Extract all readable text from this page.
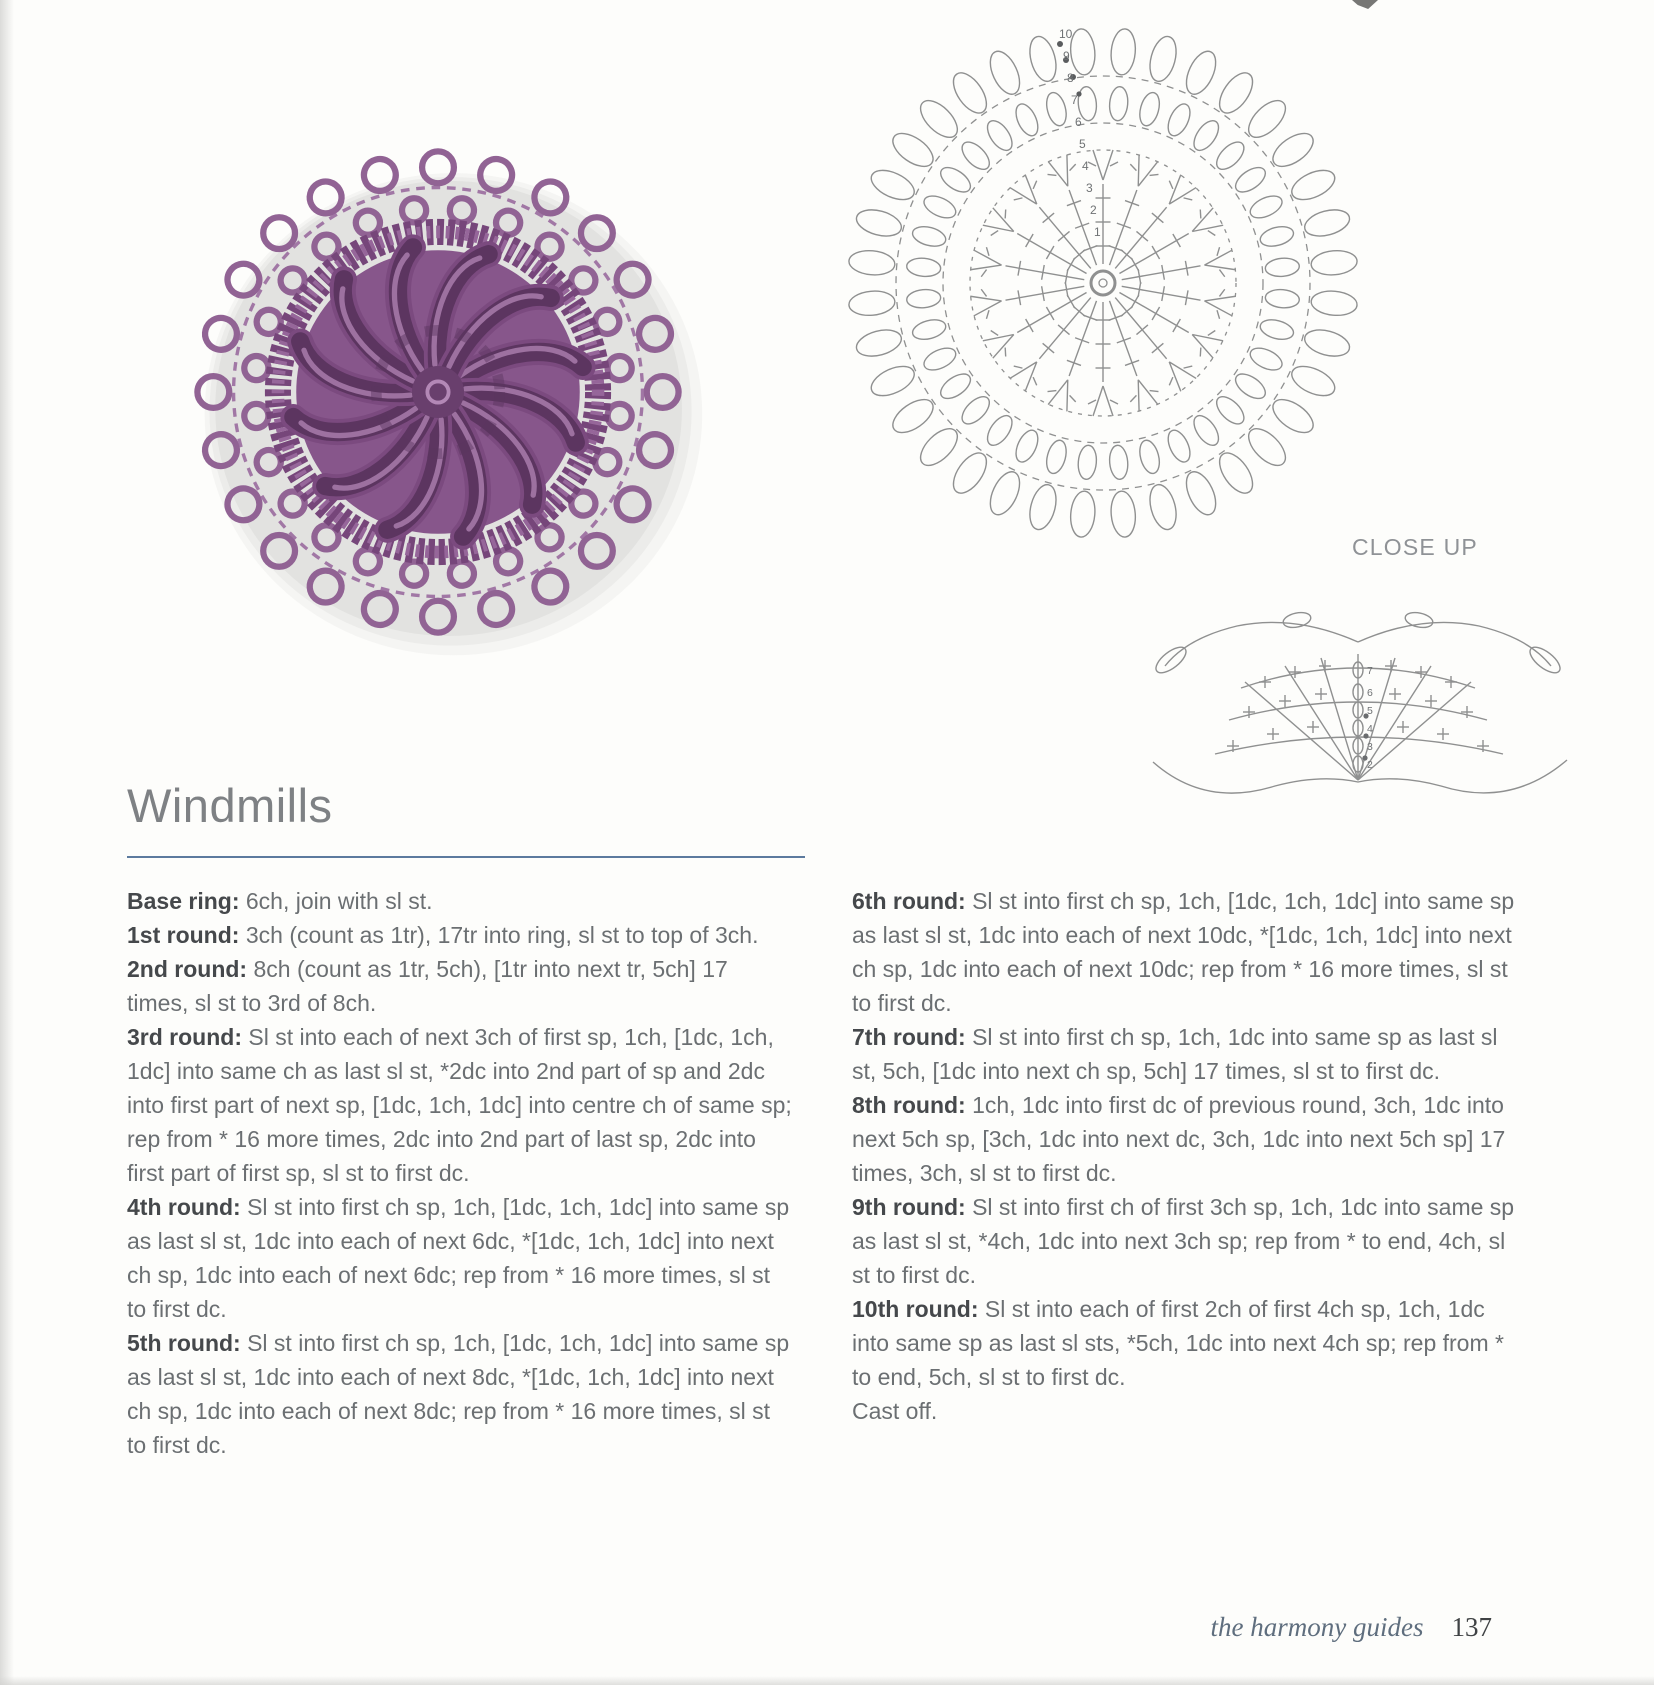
1
2
3
4
5
6
7
8
9
10
CLOSE UP
2
3
4
5
6
7
Windmills

Base ring: 6ch, join with sl st.

1st round: 3ch (count as 1tr), 17tr into ring, sl st to top of 3ch.

2nd round: 8ch (count as 1tr, 5ch), [1tr into next tr, 5ch] 17 times, sl st to 3rd of 8ch.

3rd round: Sl st into each of next 3ch of first sp, 1ch, [1dc, 1ch, 1dc] into same ch as last sl st, *2dc into 2nd part of sp and 2dc into first part of next sp, [1dc, 1ch, 1dc] into centre ch of same sp; rep from * 16 more times, 2dc into 2nd part of last sp, 2dc into first part of first sp, sl st to first dc.

4th round: Sl st into first ch sp, 1ch, [1dc, 1ch, 1dc] into same sp as last sl st, 1dc into each of next 6dc, *[1dc, 1ch, 1dc] into next ch sp, 1dc into each of next 6dc; rep from * 16 more times, sl st to first dc.

5th round: Sl st into first ch sp, 1ch, [1dc, 1ch, 1dc] into same sp as last sl st, 1dc into each of next 8dc, *[1dc, 1ch, 1dc] into next ch sp, 1dc into each of next 8dc; rep from * 16 more times, sl st to first dc.

6th round: Sl st into first ch sp, 1ch, [1dc, 1ch, 1dc] into same sp as last sl st, 1dc into each of next 10dc, *[1dc, 1ch, 1dc] into next ch sp, 1dc into each of next 10dc; rep from * 16 more times, sl st to first dc.

7th round: Sl st into first ch sp, 1ch, 1dc into same sp as last sl st, 5ch, [1dc into next ch sp, 5ch] 17 times, sl st to first dc.

8th round: 1ch, 1dc into first dc of previous round, 3ch, 1dc into next 5ch sp, [3ch, 1dc into next dc, 3ch, 1dc into next 5ch sp] 17 times, 3ch, sl st to first dc.

9th round: Sl st into first ch of first 3ch sp, 1ch, 1dc into same sp as last sl st, *4ch, 1dc into next 3ch sp; rep from * to end, 4ch, sl st to first dc.

10th round: Sl st into each of first 2ch of first 4ch sp, 1ch, 1dc into same sp as last sl sts, *5ch, 1dc into next 4ch sp; rep from * to end, 5ch, sl st to first dc.

Cast off.

the harmony guides 137
